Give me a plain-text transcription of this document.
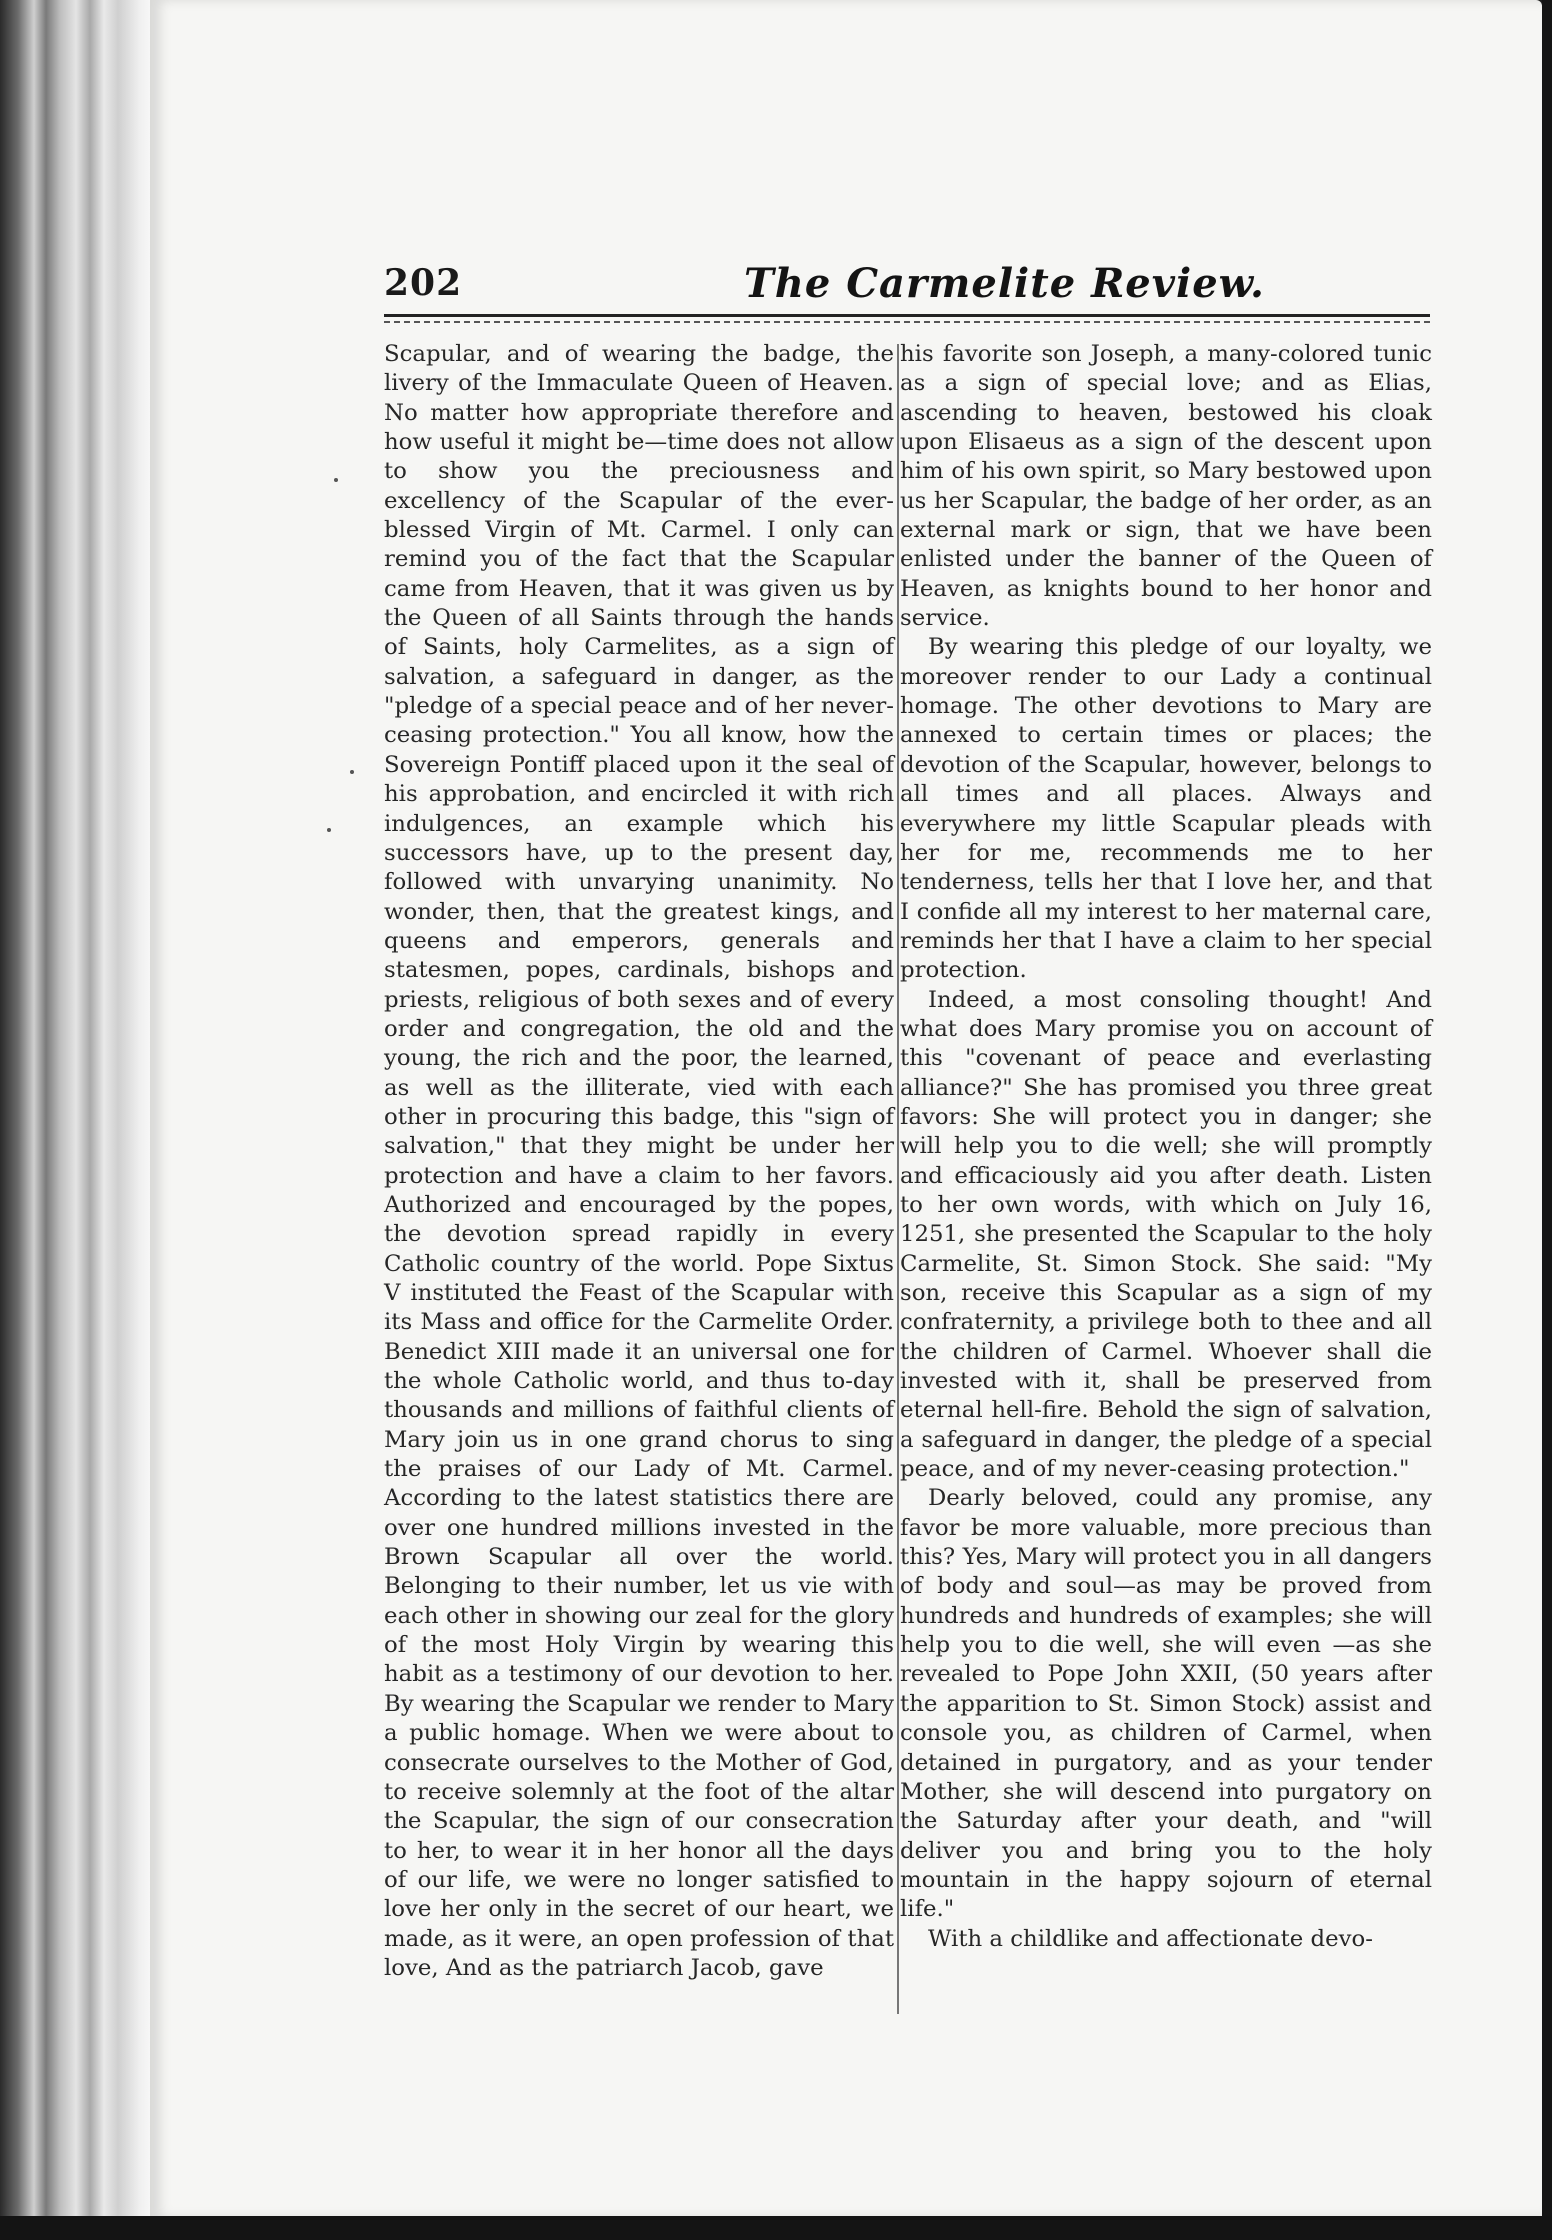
202	The Carmelite Review.

Scapular, and of wearing the badge, the livery of the Immaculate Queen of Heaven. No matter how appropriate therefore and how useful it might be—time does not allow to show you the preciousness and excellency of the Scapular of the ever-blessed Virgin of Mt. Carmel. I only can remind you of the fact that the Scapular came from Heaven, that it was given us by the Queen of all Saints through the hands of Saints, holy Carmelites, as a sign of salvation, a safeguard in danger, as the "pledge of a special peace and of her never-ceasing protection." You all know, how the Sovereign Pontiff placed upon it the seal of his approbation, and encircled it with rich indulgences, an example which his successors have, up to the present day, followed with unvarying unanimity. No wonder, then, that the greatest kings, and queens and emperors, generals and statesmen, popes, cardinals, bishops and priests, religious of both sexes and of every order and congregation, the old and the young, the rich and the poor, the learned, as well as the illiterate, vied with each other in procuring this badge, this "sign of salvation," that they might be under her protection and have a claim to her favors. Authorized and encouraged by the popes, the devotion spread rapidly in every Catholic country of the world. Pope Sixtus V instituted the Feast of the Scapular with its Mass and office for the Carmelite Order. Benedict XIII made it an universal one for the whole Catholic world, and thus to-day thousands and millions of faithful clients of Mary join us in one grand chorus to sing the praises of our Lady of Mt. Carmel. According to the latest statistics there are over one hundred millions invested in the Brown Scapular all over the world. Belonging to their number, let us vie with each other in showing our zeal for the glory of the most Holy Virgin by wearing this habit as a testimony of our devotion to her. By wearing the Scapular we render to Mary a public homage. When we were about to consecrate ourselves to the Mother of God, to receive solemnly at the foot of the altar the Scapular, the sign of our consecration to her, to wear it in her honor all the days of our life, we were no longer satisfied to love her only in the secret of our heart, we made, as it were, an open profession of that love, And as the patriarch Jacob, gave

his favorite son Joseph, a many-colored tunic as a sign of special love; and as Elias, ascending to heaven, bestowed his cloak upon Elisaeus as a sign of the descent upon him of his own spirit, so Mary bestowed upon us her Scapular, the badge of her order, as an external mark or sign, that we have been enlisted under the banner of the Queen of Heaven, as knights bound to her honor and service.

By wearing this pledge of our loyalty, we moreover render to our Lady a continual homage. The other devotions to Mary are annexed to certain times or places; the devotion of the Scapular, however, belongs to all times and all places. Always and everywhere my little Scapular pleads with her for me, recommends me to her tenderness, tells her that I love her, and that I confide all my interest to her maternal care, reminds her that I have a claim to her special protection.

Indeed, a most consoling thought! And what does Mary promise you on account of this "covenant of peace and everlasting alliance?" She has promised you three great favors: She will protect you in danger; she will help you to die well; she will promptly and efficaciously aid you after death. Listen to her own words, with which on July 16, 1251, she presented the Scapular to the holy Carmelite, St. Simon Stock. She said: "My son, receive this Scapular as a sign of my confraternity, a privilege both to thee and all the children of Carmel. Whoever shall die invested with it, shall be preserved from eternal hell-fire. Behold the sign of salvation, a safeguard in danger, the pledge of a special peace, and of my never-ceasing protection."

Dearly beloved, could any promise, any favor be more valuable, more precious than this? Yes, Mary will protect you in all dangers of body and soul—as may be proved from hundreds and hundreds of examples; she will help you to die well, she will even —as she revealed to Pope John XXII, (50 years after the apparition to St. Simon Stock) assist and console you, as children of Carmel, when detained in purgatory, and as your tender Mother, she will descend into purgatory on the Saturday after your death, and "will deliver you and bring you to the holy mountain in the happy sojourn of eternal life."

With a childlike and affectionate devo-
